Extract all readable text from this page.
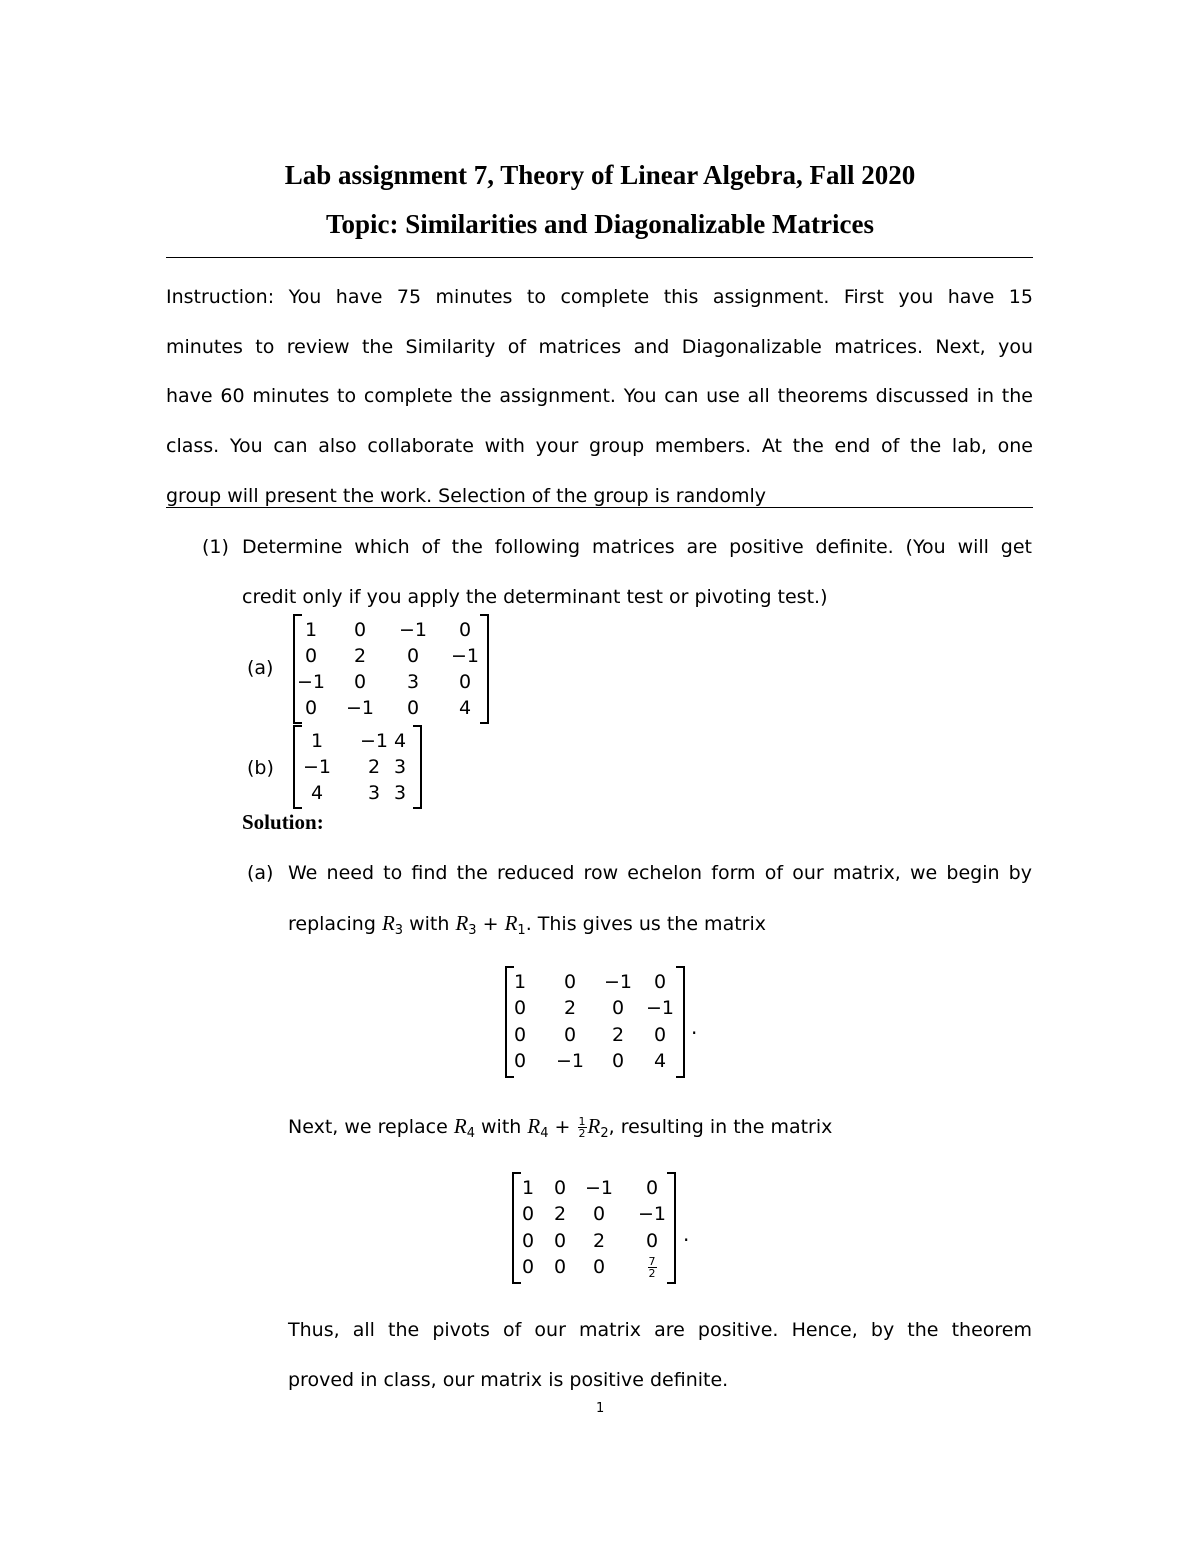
Lab assignment 7, Theory of Linear Algebra, Fall 2020
Topic: Similarities and Diagonalizable Matrices
Instruction: You have 75 minutes to complete this assignment. First you have 15
minutes to review the Similarity of matrices and Diagonalizable matrices. Next, you
have 60 minutes to complete the assignment. You can use all theorems discussed in the
class. You can also collaborate with your group members. At the end of the lab, one
group will present the work. Selection of the group is randomly
(1) Determine which of the following matrices are positive definite. (You will get
credit only if you apply the determinant test or pivoting test.)
(a)
1	0	−1	0
0	2	0	−1
−1	0	3	0
0	−1	0	4
(b)
1	−1 4
−1	2 3
4	3 3
Solution:
(a) We need to find the reduced row echelon form of our matrix, we begin by
replacing $R_3$ with $R_3 + R_1$. This gives us the matrix
1	0	−1	0
0	2	0	−1
0	0	2	0
0	−1	0	4
.
Next, we replace $R_4$ with $R_4 + \frac{1}{2} R_2$, resulting in the matrix
1	0 −1	0
0	2	0	−1
0	0	2	0
0	0	0	$\frac{7}{2}$
.
Thus, all the pivots of our matrix are positive. Hence, by the theorem
proved in class, our matrix is positive definite.
1
